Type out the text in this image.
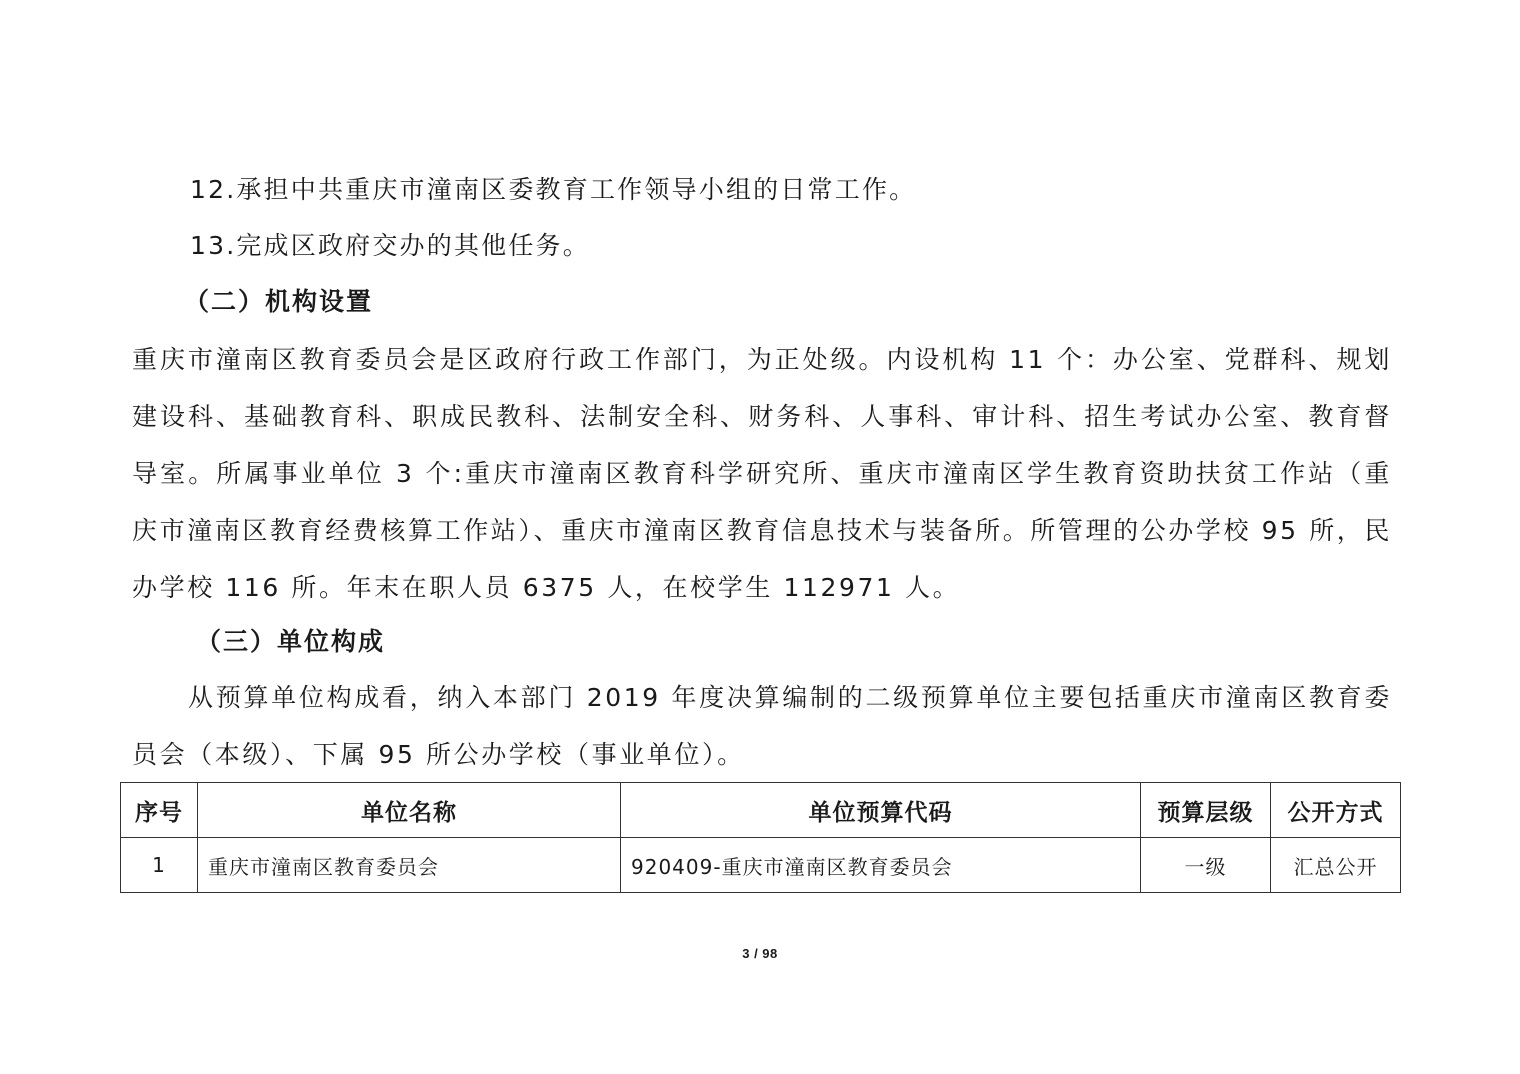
12.承担中共重庆市潼南区委教育工作领导小组的日常工作。
13.完成区政府交办的其他任务。
（二）机构设置
重庆市潼南区教育委员会是区政府行政工作部门，为正处级。内设机构 11 个：办公室、党群科、规划建设科、基础教育科、职成民教科、法制安全科、财务科、人事科、审计科、招生考试办公室、教育督导室。所属事业单位 3 个:重庆市潼南区教育科学研究所、重庆市潼南区学生教育资助扶贫工作站（重庆市潼南区教育经费核算工作站）、重庆市潼南区教育信息技术与装备所。所管理的公办学校 95 所，民办学校 116 所。年末在职人员 6375 人，在校学生 112971 人。
（三）单位构成
从预算单位构成看，纳入本部门 2019 年度决算编制的二级预算单位主要包括重庆市潼南区教育委员会（本级）、下属 95 所公办学校（事业单位）。
序号	单位名称	单位预算代码	预算层级	公开方式
1	重庆市潼南区教育委员会	920409-重庆市潼南区教育委员会	一级	汇总公开
3 / 98
